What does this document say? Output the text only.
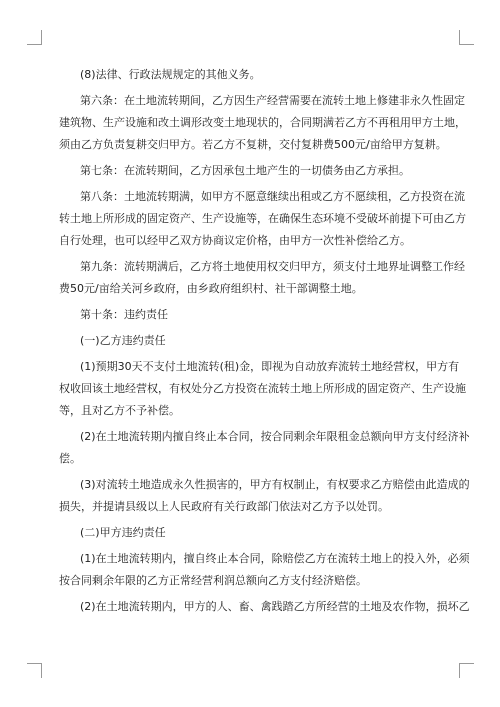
(8)法律、行政法规规定的其他义务。
第六条：在土地流转期间，乙方因生产经营需要在流转土地上修建非永久性固定
建筑物、生产设施和改土调形改变土地现状的，合同期满若乙方不再租用甲方土地，
须由乙方负责复耕交归甲方。若乙方不复耕，交付复耕费500元/亩给甲方复耕。
第七条：在流转期间，乙方因承包土地产生的一切债务由乙方承担。
第八条：土地流转期满，如甲方不愿意继续出租或乙方不愿续租，乙方投资在流
转土地上所形成的固定资产、生产设施等，在确保生态环境不受破坏前提下可由乙方
自行处理，也可以经甲乙双方协商议定价格，由甲方一次性补偿给乙方。
第九条：流转期满后，乙方将土地使用权交归甲方，须支付土地界址调整工作经
费50元/亩给关河乡政府，由乡政府组织村、社干部调整土地。
第十条：违约责任
(一)乙方违约责任
(1)预期30天不支付土地流转(租)金，即视为自动放弃流转土地经营权，甲方有
权收回该土地经营权，有权处分乙方投资在流转土地上所形成的固定资产、生产设施
等，且对乙方不予补偿。
(2)在土地流转期内擅自终止本合同，按合同剩余年限租金总额向甲方支付经济补
偿。
(3)对流转土地造成永久性损害的，甲方有权制止，有权要求乙方赔偿由此造成的
损失，并提请县级以上人民政府有关行政部门依法对乙方予以处罚。
(二)甲方违约责任
(1)在土地流转期内，擅自终止本合同，除赔偿乙方在流转土地上的投入外，必须
按合同剩余年限的乙方正常经营利润总额向乙方支付经济赔偿。
(2)在土地流转期内，甲方的人、畜、禽践踏乙方所经营的土地及农作物，损坏乙
